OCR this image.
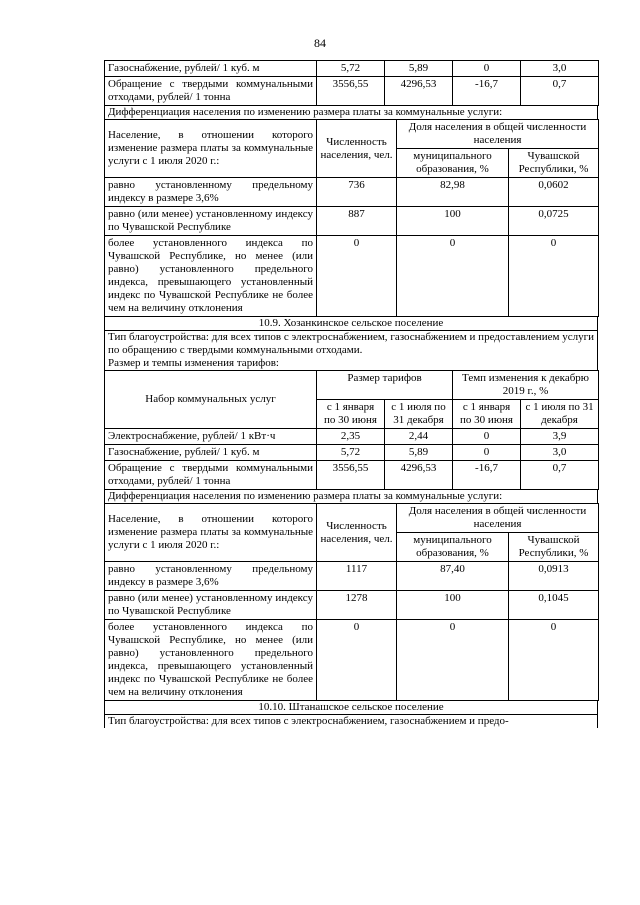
84
Газоснабжение, рублей/ 1 куб. м	5,72	5,89	0	3,0
Обращение с твердыми коммунальными отходами, рублей/ 1 тонна	3556,55	4296,53	-16,7	0,7
Дифференциация населения по изменению размера платы за коммунальные услуги:
Население, в отношении которого изменение размера платы за коммунальные услуги с 1 июля 2020 г.:	Численность населения, чел.	Доля населения в общей численности населения	
		муниципального образования, %	Чувашской Республики, %
равно установленному предельному индексу в размере 3,6%	736	82,98	0,0602
равно (или менее) установленному индексу по Чувашской Республике	887	100	0,0725
более установленного индекса по Чувашской Республике, но менее (или равно) установленного предельного индекса, превышающего установленный индекс по Чувашской Республике не более чем на величину отклонения	0	0	0
10.9. Хозанкинское сельское поселение
Тип благоустройства: для всех типов с электроснабжением, газоснабжением и предоставлением услуги по обращению с твердыми коммунальными отходами.
Размер и темпы изменения тарифов:
Набор коммунальных услуг	Размер тарифов		Темп изменения к декабрю 2019 г., %	
	с 1 января по 30 июня	с 1 июля по 31 декабря	с 1 января по 30 июня	с 1 июля по 31 декабря
Электроснабжение, рублей/ 1 кВт·ч	2,35	2,44	0	3,9
Газоснабжение, рублей/ 1 куб. м	5,72	5,89	0	3,0
Обращение с твердыми коммунальными отходами, рублей/ 1 тонна	3556,55	4296,53	-16,7	0,7
Дифференциация населения по изменению размера платы за коммунальные услуги:
Население, в отношении которого изменение размера платы за коммунальные услуги с 1 июля 2020 г.:	Численность населения, чел.	Доля населения в общей численности населения	
		муниципального образования, %	Чувашской Республики, %
равно установленному предельному индексу в размере 3,6%	1117	87,40	0,0913
равно (или менее) установленному индексу по Чувашской Республике	1278	100	0,1045
более установленного индекса по Чувашской Республике, но менее (или равно) установленного предельного индекса, превышающего установленный индекс по Чувашской Республике не более чем на величину отклонения	0	0	0
10.10. Штанашское сельское поселение
Тип благоустройства: для всех типов с электроснабжением, газоснабжением и предо-
